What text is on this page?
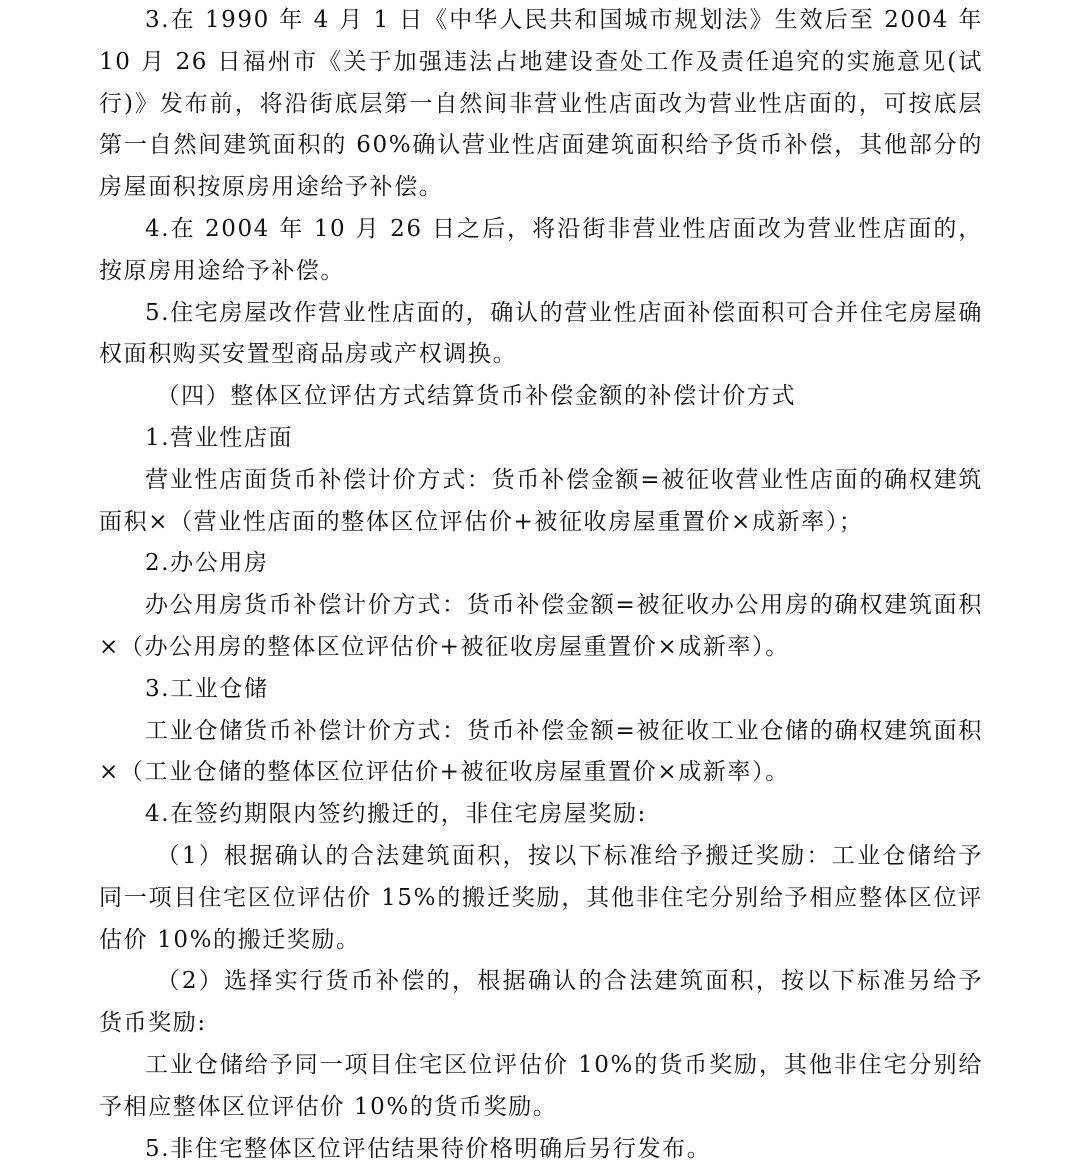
3.在 1990 年 4 月 1 日《中华人民共和国城市规划法》生效后至 2004 年 10 月 26 日福州市《关于加强违法占地建设查处工作及责任追究的实施意见(试行)》发布前，将沿街底层第一自然间非营业性店面改为营业性店面的，可按底层第一自然间建筑面积的 60%确认营业性店面建筑面积给予货币补偿，其他部分的房屋面积按原房用途给予补偿。

4.在 2004 年 10 月 26 日之后，将沿街非营业性店面改为营业性店面的，按原房用途给予补偿。

5.住宅房屋改作营业性店面的，确认的营业性店面补偿面积可合并住宅房屋确权面积购买安置型商品房或产权调换。

（四）整体区位评估方式结算货币补偿金额的补偿计价方式

1.营业性店面

营业性店面货币补偿计价方式：货币补偿金额=被征收营业性店面的确权建筑面积×（营业性店面的整体区位评估价+被征收房屋重置价×成新率）；

2.办公用房

办公用房货币补偿计价方式：货币补偿金额=被征收办公用房的确权建筑面积×（办公用房的整体区位评估价+被征收房屋重置价×成新率）。

3.工业仓储

工业仓储货币补偿计价方式：货币补偿金额=被征收工业仓储的确权建筑面积×（工业仓储的整体区位评估价+被征收房屋重置价×成新率）。

4.在签约期限内签约搬迁的，非住宅房屋奖励:

（1）根据确认的合法建筑面积，按以下标准给予搬迁奖励：工业仓储给予同一项目住宅区位评估价 15%的搬迁奖励，其他非住宅分别给予相应整体区位评估价 10%的搬迁奖励。

（2）选择实行货币补偿的，根据确认的合法建筑面积，按以下标准另给予货币奖励:

工业仓储给予同一项目住宅区位评估价 10%的货币奖励，其他非住宅分别给予相应整体区位评估价 10%的货币奖励。

5.非住宅整体区位评估结果待价格明确后另行发布。
